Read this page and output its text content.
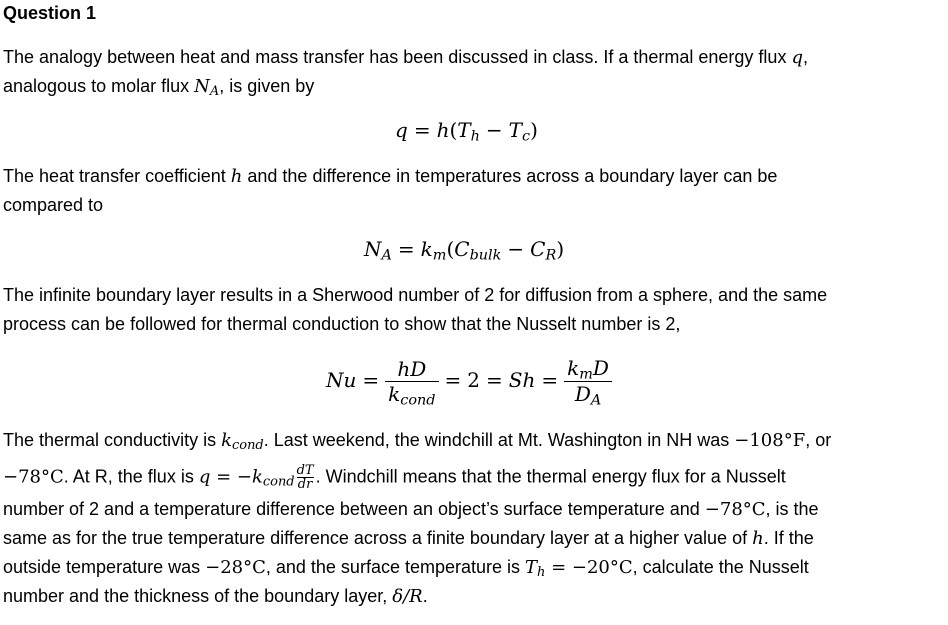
Question 1
The analogy between heat and mass transfer has been discussed in class. If a thermal energy flux q,
analogous to molar flux $N_A$, is given by
$q = h(T_h - T_c)$
The heat transfer coefficient h and the difference in temperatures across a boundary layer can be
compared to
$N_A = k_m(C_{bulk} - C_R)$
The infinite boundary layer results in a Sherwood number of 2 for diffusion from a sphere, and the same
process can be followed for thermal conduction to show that the Nusselt number is 2,
$Nu = \frac{hD}{k_{cond}} = 2 = Sh = \frac{k_mD}{D_A}$
The thermal conductivity is $k_{cond}$. Last weekend, the windchill at Mt. Washington in NH was −108°F, or
−78°C. At R, the flux is $q = -k_{cond} \frac{dT}{dr}$ . Windchill means that the thermal energy flux for a Nusselt
number of 2 and a temperature difference between an object’s surface temperature and −78°C, is the
same as for the true temperature difference across a finite boundary layer at a higher value of h. If the
outside temperature was −28°C, and the surface temperature is $T_h = -20^\circ C$, calculate the Nusselt
number and the thickness of the boundary layer, δ/R.
